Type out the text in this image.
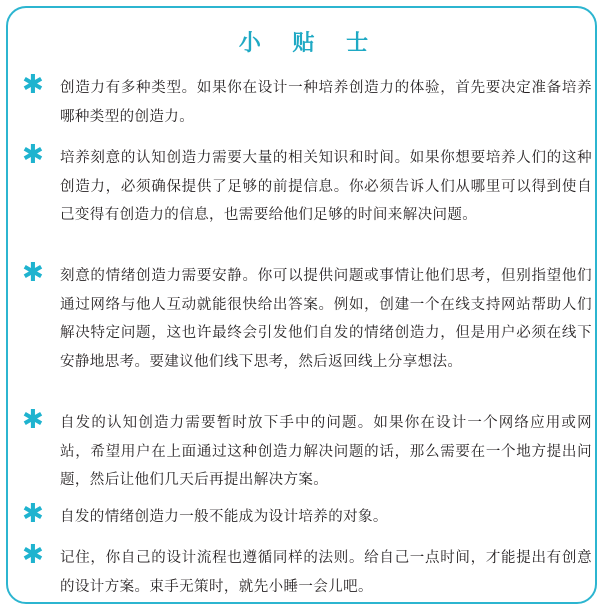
小 贴 士
✱	创造力有多种类型。如果你在设计一种培养创造力的体验，首先要决定准备培养哪种类型的创造力。
✱	培养刻意的认知创造力需要大量的相关知识和时间。如果你想要培养人们的这种创造力，必须确保提供了足够的前提信息。你必须告诉人们从哪里可以得到使自己变得有创造力的信息，也需要给他们足够的时间来解决问题。
✱	刻意的情绪创造力需要安静。你可以提供问题或事情让他们思考，但别指望他们通过网络与他人互动就能很快给出答案。例如，创建一个在线支持网站帮助人们解决特定问题，这也许最终会引发他们自发的情绪创造力，但是用户必须在线下安静地思考。要建议他们线下思考，然后返回线上分享想法。
✱	自发的认知创造力需要暂时放下手中的问题。如果你在设计一个网络应用或网站，希望用户在上面通过这种创造力解决问题的话，那么需要在一个地方提出问题，然后让他们几天后再提出解决方案。
✱	自发的情绪创造力一般不能成为设计培养的对象。
✱	记住，你自己的设计流程也遵循同样的法则。给自己一点时间，才能提出有创意的设计方案。束手无策时，就先小睡一会儿吧。
